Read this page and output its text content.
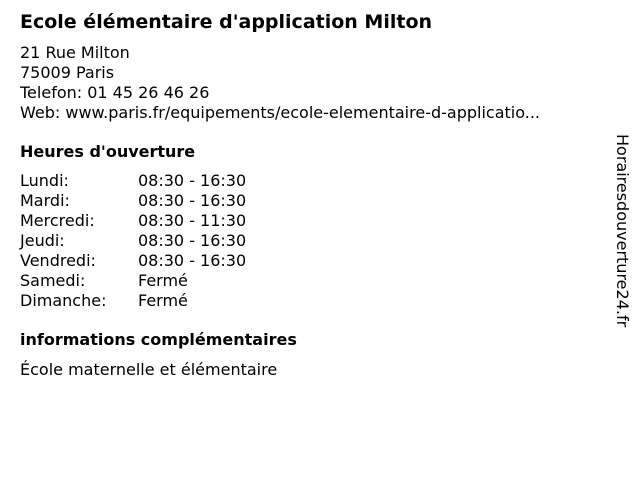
Ecole élémentaire d'application Milton
21 Rue Milton
75009 Paris
Telefon: 01 45 26 46 26
Web: www.paris.fr/equipements/ecole-elementaire-d-applicatio...
Heures d'ouverture
Lundi:	08:30 - 16:30
Mardi:	08:30 - 16:30
Mercredi:	08:30 - 11:30
Jeudi:	08:30 - 16:30
Vendredi:	08:30 - 16:30
Samedi:	Fermé
Dimanche:	Fermé
informations complémentaires
École maternelle et élémentaire
Horairesdouverture24.fr
